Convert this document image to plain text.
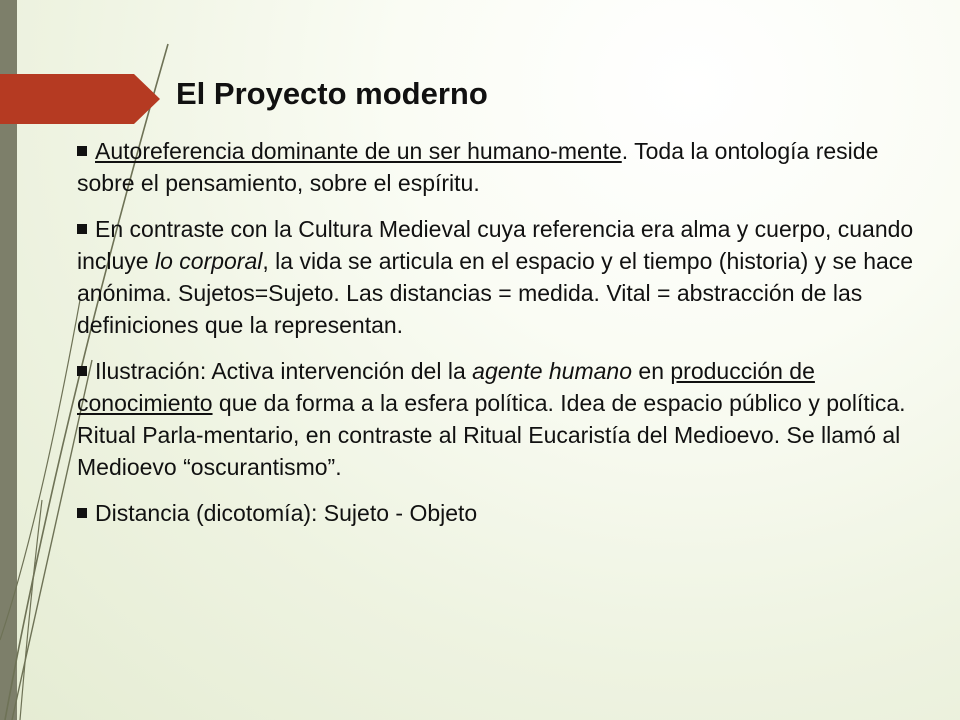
El Proyecto moderno

Autoreferencia dominante de un ser humano-mente. Toda la ontología reside sobre el pensamiento, sobre el espíritu.

En contraste con la Cultura Medieval cuya referencia era alma y cuerpo, cuando incluye lo corporal, la vida se articula en el espacio y el tiempo (historia) y se hace anónima. Sujetos=Sujeto. Las distancias = medida. Vital = abstracción de las definiciones que la representan.

Ilustración: Activa intervención del la agente humano en producción de conocimiento que da forma a la esfera política. Idea de espacio público y política. Ritual Parla-mentario, en contraste al Ritual Eucaristía del Medioevo. Se llamó al Medioevo “oscurantismo”.

Distancia (dicotomía): Sujeto - Objeto
